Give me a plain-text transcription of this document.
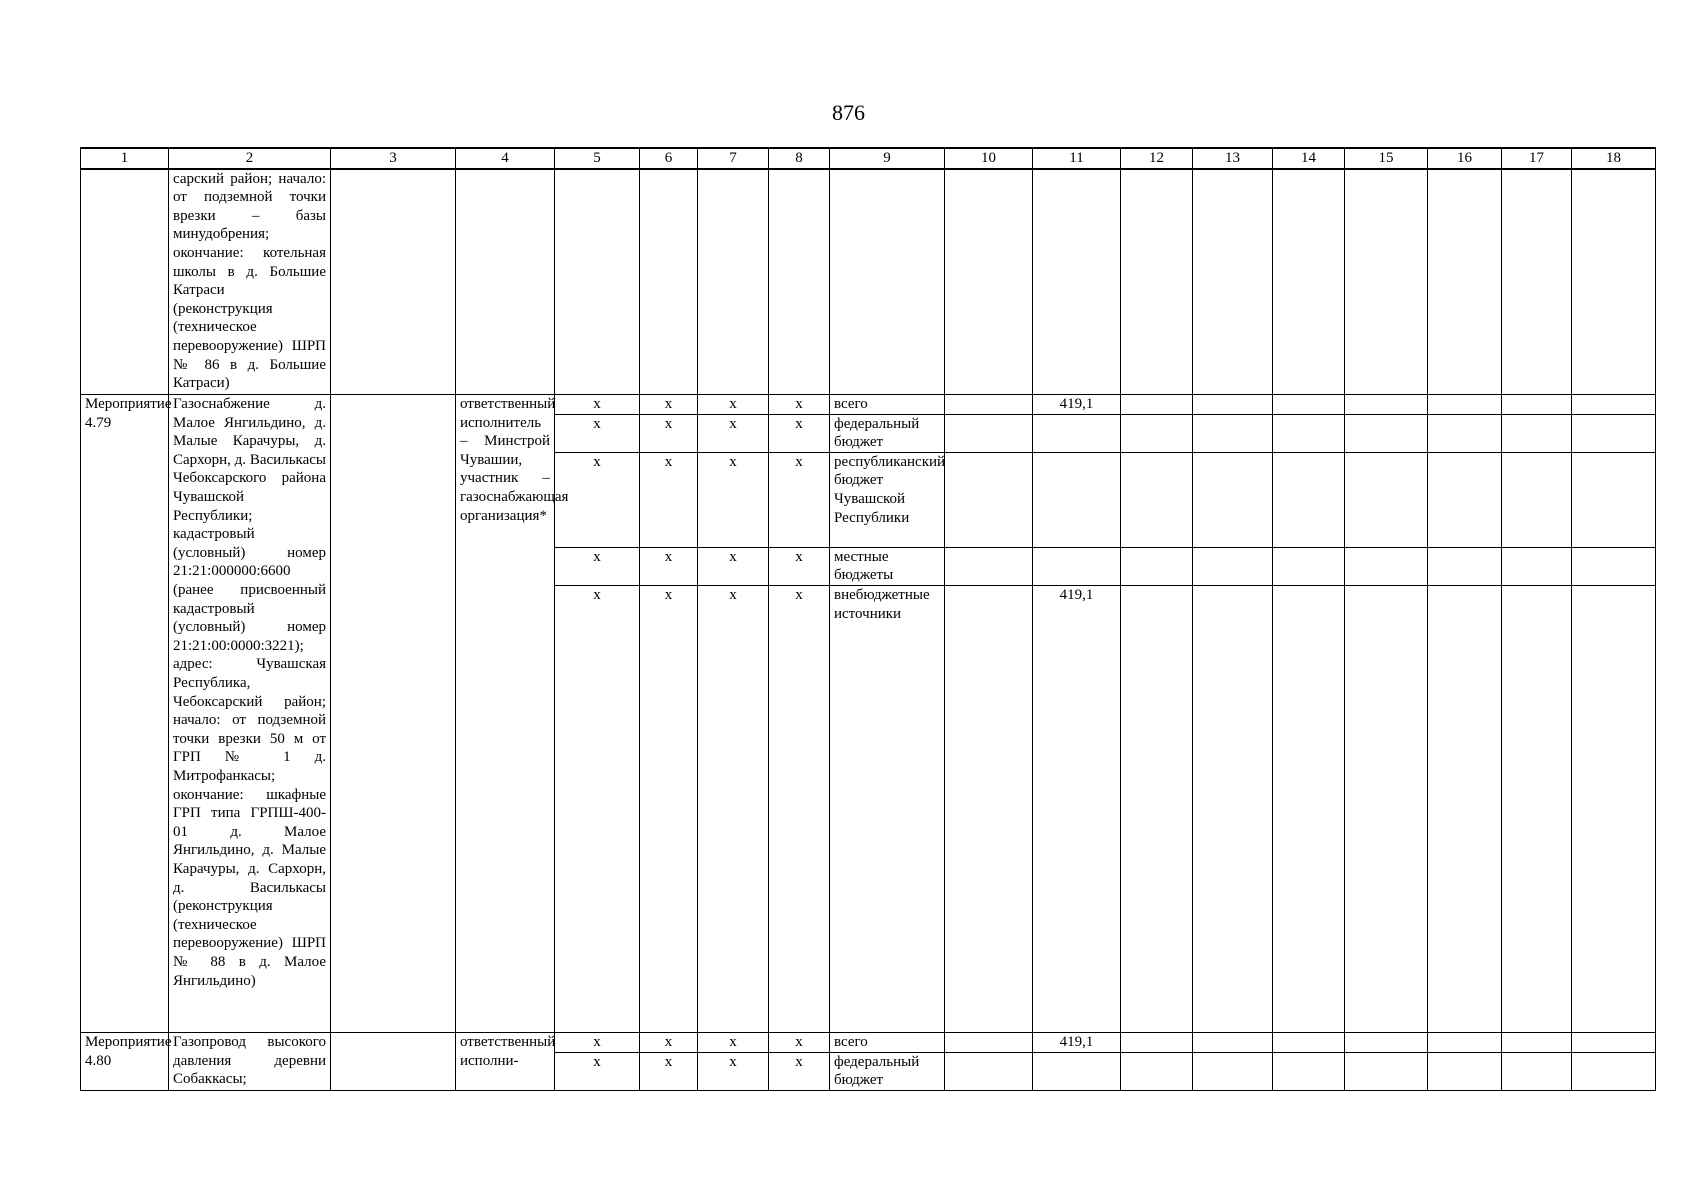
876
1	2	3	4	5	6	7	8	9	10	11	12	13	14	15	16	17	18
	сарский район; начало: от подземной точки врезки – базы минудобрения; окончание: котельная школы в д. Большие Катраси (реконструкция (техническое перевооружение) ШРП № 86 в д. Большие Катраси)																
Мероприятие 4.79	Газоснабжение д. Малое Янгильдино, д. Малые Карачуры, д. Сархорн, д. Василькасы Чебоксарского района Чувашской Республики; кадастровый (условный) номер 21:21:000000:6600 (ранее присвоенный кадастровый (условный) номер 21:21:00:0000:3221); адрес: Чувашская Республика, Чебоксарский район; начало: от подземной точки врезки 50 м от ГРП № 1 д. Митрофанкасы; окончание: шкафные ГРП типа ГРПШ-400-01 д. Малое Янгильдино, д. Малые Карачуры, д. Сархорн, д. Василькасы (реконструкция (техническое перевооружение) ШРП № 88 в д. Малое Янгильдино)		ответственный исполнитель – Минстрой Чувашии, участник – газоснабжающая организация*	x	x	x	x	всего		419,1							
				x	x	x	x	федеральный бюджет									
				x	x	x	x	республиканский бюджет Чувашской Республики									
				x	x	x	x	местные бюджеты									
				x	x	x	x	внебюджетные источники		419,1							
Мероприятие 4.80	Газопровод высокого давления деревни Собаккасы;		ответственный исполни-	x	x	x	x	всего		419,1							
				x	x	x	x	федеральный бюджет									
